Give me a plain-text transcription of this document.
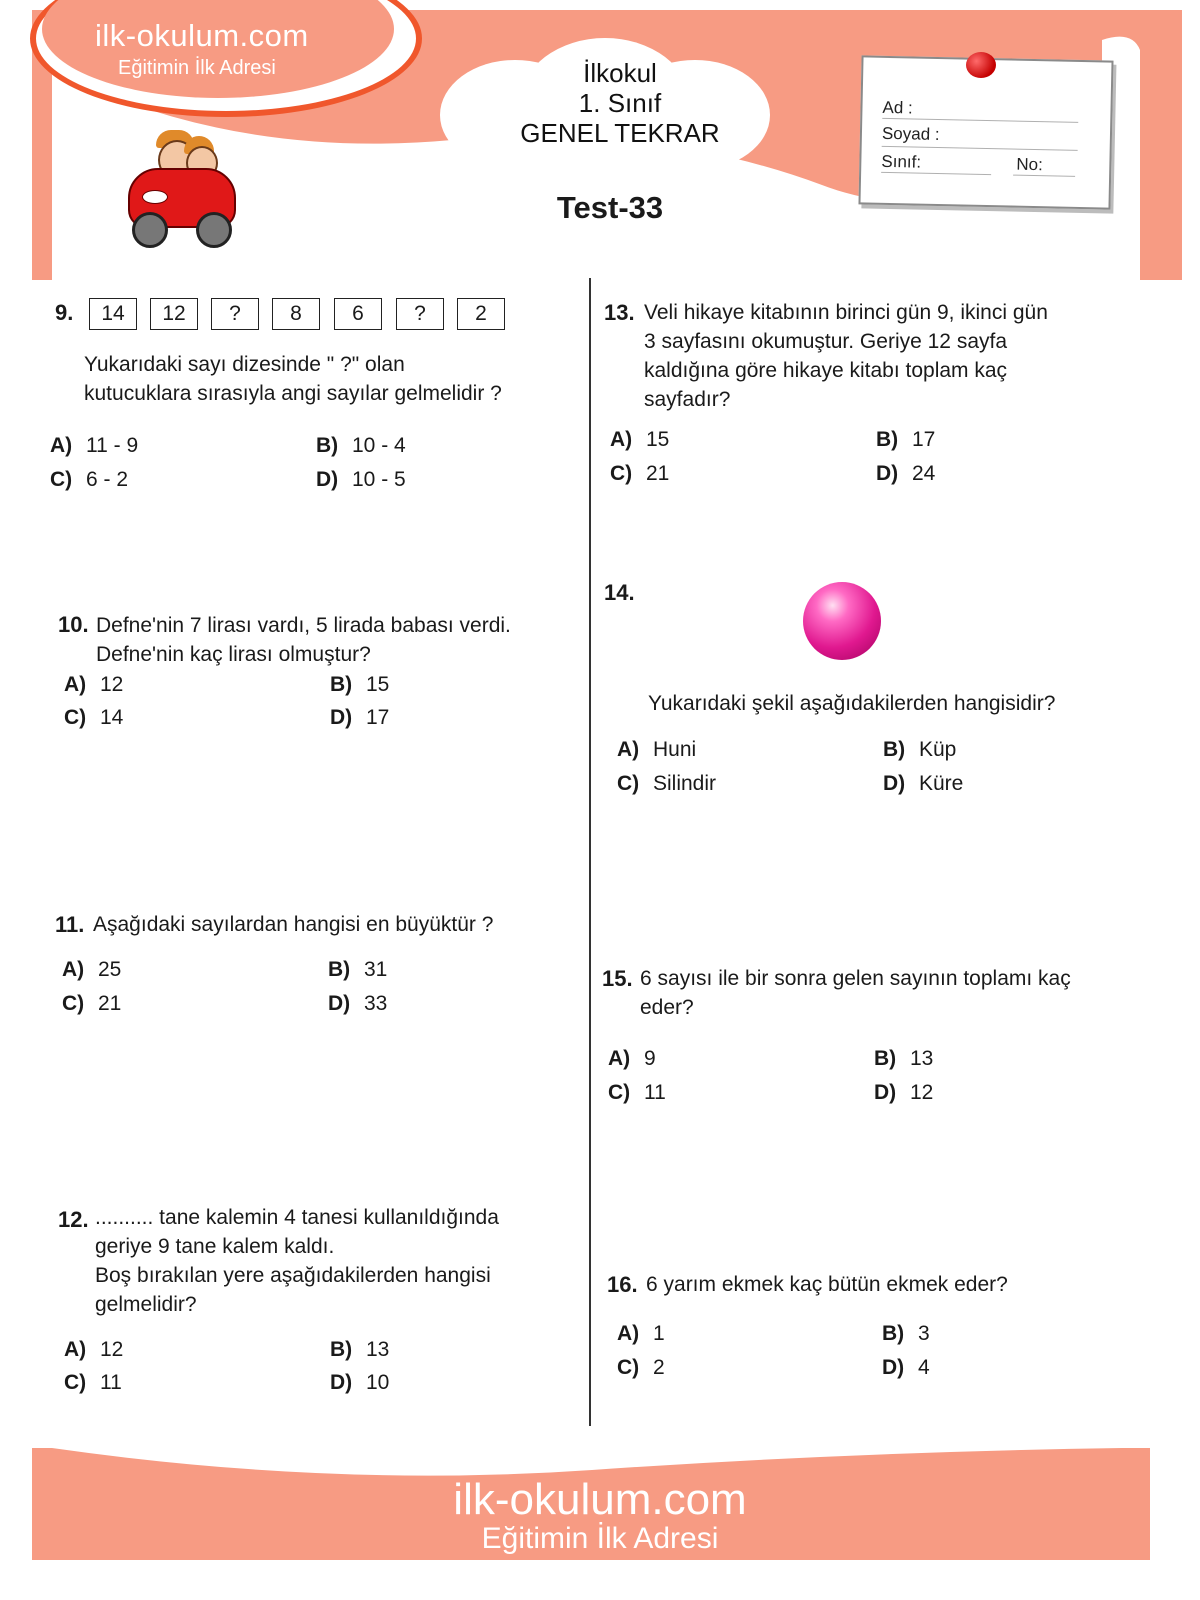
ilk-okulum.com
Eğitimin İlk Adresi	İlkokul
1. Sınıf
GENEL TEKRAR
Test-33
Ad :
Soyad :
Sınıf:	No:
9.	14	12	?	8	6	?	2
Yukarıdaki sayı dizesinde " ?" olan
kutucuklara sırasıyla angi sayılar gelmelidir ?
A) 11 - 9	B) 10 - 4
C) 6 - 2	D) 10 - 5
10. Defne'nin 7 lirası vardı, 5 lirada babası verdi.
Defne'nin kaç lirası olmuştur?
A) 12	B) 15
C) 14	D) 17
11. Aşağıdaki sayılardan hangisi en büyüktür ?
A) 25	B) 31
C) 21	D) 33
12. .......... tane kalemin 4 tanesi kullanıldığında
geriye 9 tane kalem kaldı.
Boş bırakılan yere aşağıdakilerden hangisi
gelmelidir?
A) 12	B) 13
C) 11	D) 10
13. Veli hikaye kitabının birinci gün 9, ikinci gün
3 sayfasını okumuştur. Geriye 12 sayfa
kaldığına göre hikaye kitabı toplam kaç
sayfadır?
A) 15	B) 17
C) 21	D) 24
14.
Yukarıdaki şekil aşağıdakilerden hangisidir?
A) Huni	B) Küp
C) Silindir	D) Küre
15. 6 sayısı ile bir sonra gelen sayının toplamı kaç
eder?
A) 9	B) 13
C) 11	D) 12
16. 6 yarım ekmek kaç bütün ekmek eder?
A) 1	B) 3
C) 2	D) 4
ilk-okulum.com
Eğitimin İlk Adresi
